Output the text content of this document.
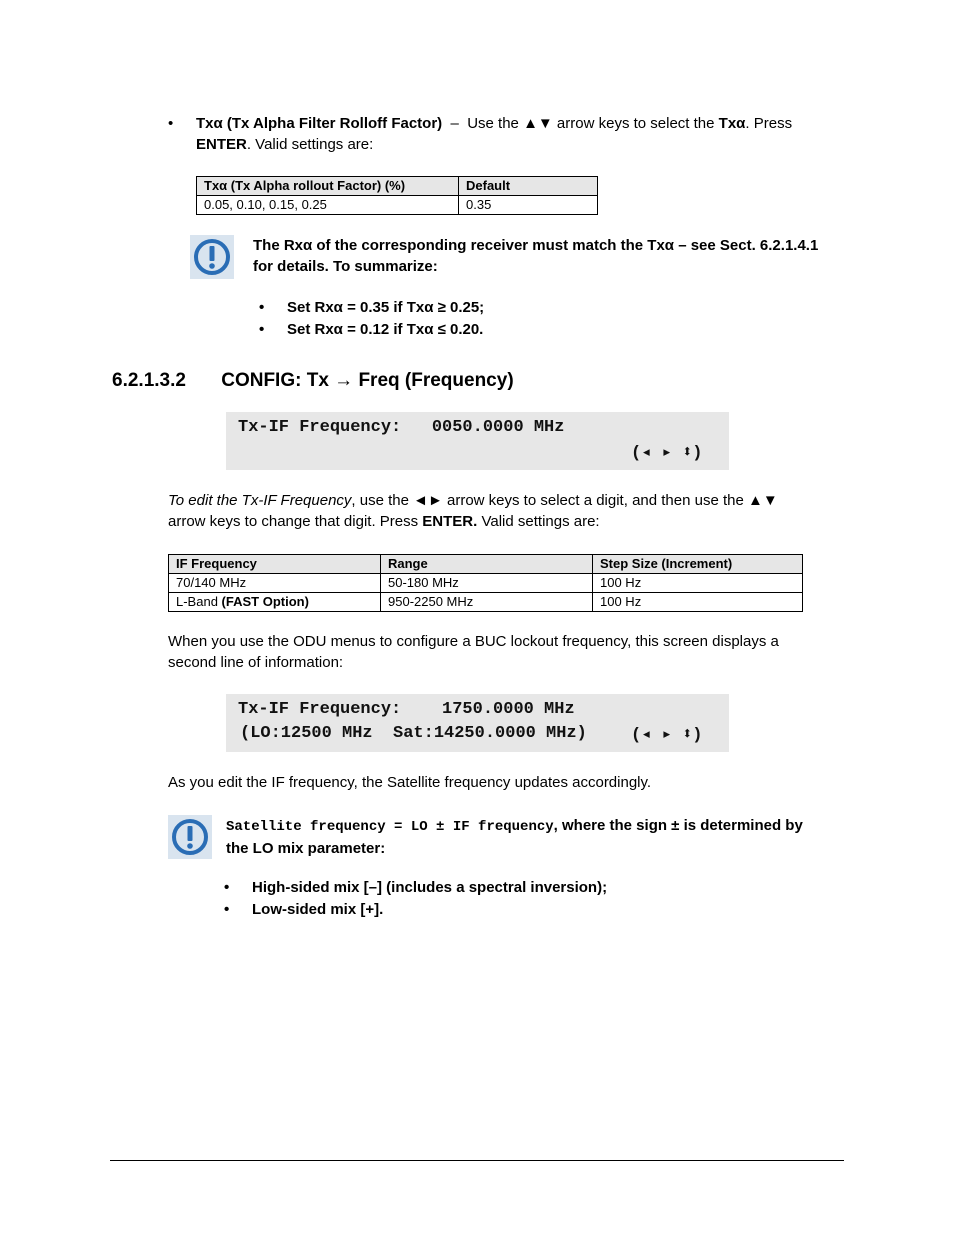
• Txα (Tx Alpha Filter Rolloff Factor) – Use the ▲▼ arrow keys to select the Txα. Press ENTER. Valid settings are:
Txα (Tx Alpha rollout Factor) (%)	Default
0.05, 0.10, 0.15, 0.25	0.35
The Rxα of the corresponding receiver must match the Txα – see Sect. 6.2.1.4.1 for details. To summarize:
• Set Rxα = 0.35 if Txα ≥ 0.25;
• Set Rxα = 0.12 if Txα ≤ 0.20.
6.2.1.3.2 CONFIG: Tx → Freq (Frequency)

Tx-IF Frequency:   0050.0000 MHz

(◂ ▸ ⬍)

To edit the Tx-IF Frequency, use the ◄► arrow keys to select a digit, and then use the ▲▼ arrow keys to change that digit. Press ENTER. Valid settings are:
IF Frequency	Range	Step Size (Increment)
70/140 MHz	50-180 MHz	100 Hz
L-Band (FAST Option)	950-2250 MHz	100 Hz
When you use the ODU menus to configure a BUC lockout frequency, this screen displays a second line of information:

Tx-IF Frequency:    1750.0000 MHz

(LO:12500 MHz  Sat:14250.0000 MHz)

	(◂ ▸ ⬍)

As you edit the IF frequency, the Satellite frequency updates accordingly.
Satellite frequency = LO ± IF frequency, where the sign ± is determined by the LO mix parameter:
• High-sided mix [–] (includes a spectral inversion);
• Low-sided mix [+].
